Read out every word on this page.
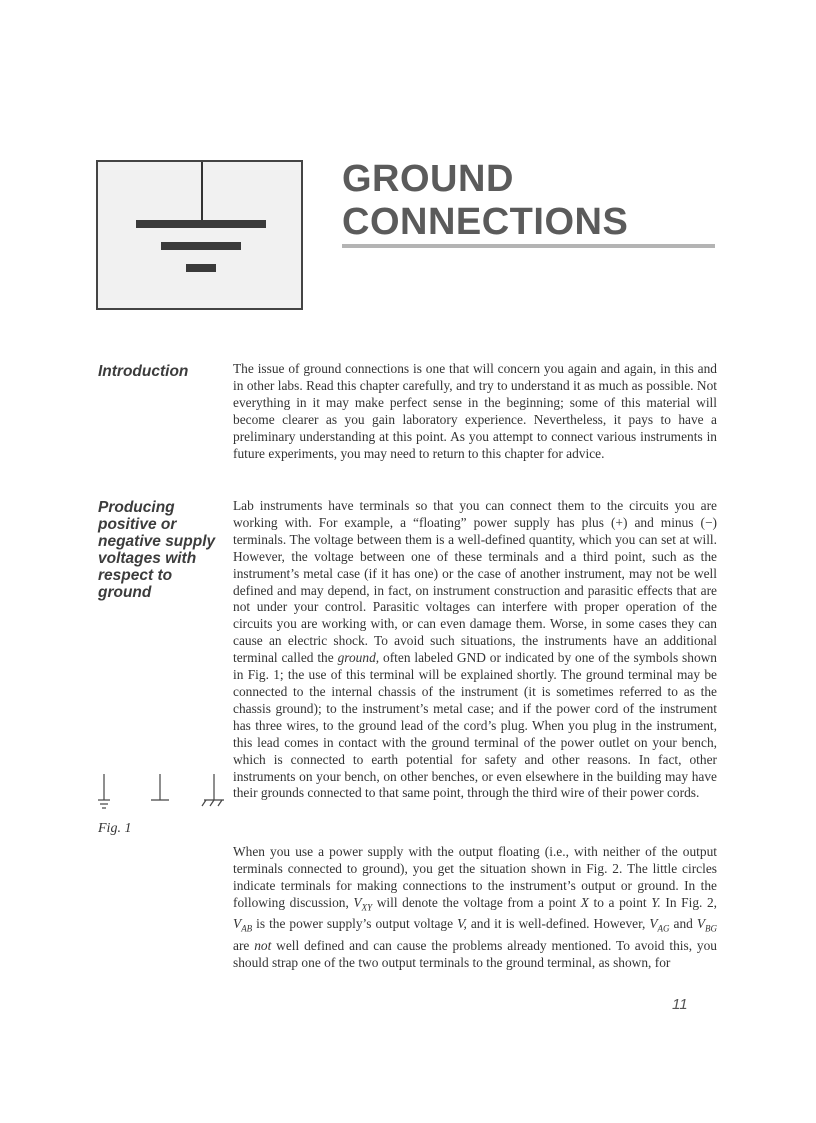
GROUND
CONNECTIONS
Introduction	The issue of ground connections is one that will concern you again and again, in this and in other labs. Read this chapter carefully, and try to understand it as much as possible. Not everything in it may make perfect sense in the beginning; some of this material will become clearer as you gain laboratory experience. Nevertheless, it pays to have a preliminary understanding at this point. As you attempt to connect various instruments in future experiments, you may need to return to this chapter for advice.

Producing positive or negative supply voltages with respect to ground

Lab instruments have terminals so that you can connect them to the circuits you are working with. For example, a “floating” power supply has plus (+) and minus (−) terminals. The voltage between them is a well-defined quantity, which you can set at will. However, the voltage between one of these terminals and a third point, such as the instrument’s metal case (if it has one) or the case of another instrument, may not be well defined and may depend, in fact, on instrument construction and parasitic effects that are not under your control. Parasitic voltages can interfere with proper operation of the circuits you are working with, or can even damage them. Worse, in some cases they can cause an electric shock. To avoid such situations, the instruments have an additional terminal called the ground, often labeled GND or indicated by one of the symbols shown in Fig. 1; the use of this terminal will be explained shortly. The ground terminal may be connected to the internal chassis of the instrument (it is sometimes referred to as the chassis ground); to the instrument’s metal case; and if the power cord of the instrument has three wires, to the ground lead of the cord’s plug. When you plug in the instrument, this lead comes in contact with the ground terminal of the power outlet on your bench, which is connected to earth potential for safety and other reasons. In fact, other instruments on your bench, on other benches, or even elsewhere in the building may have their grounds connected to that same point, through the third wire of their power cords.

Fig. 1

When you use a power supply with the output floating (i.e., with neither of the output terminals connected to ground), you get the situation shown in Fig. 2. The little circles indicate terminals for making connections to the instrument’s output or ground. In the following discussion, $V_{XY}$ will denote the voltage from a point X to a point Y. In Fig. 2, $V_{AB}$ is the power supply’s output voltage V, and it is well-defined. However, $V_{AG}$ and $V_{BG}$ are not well defined and can cause the problems already mentioned. To avoid this, you should strap one of the two output terminals to the ground terminal, as shown, for

11
